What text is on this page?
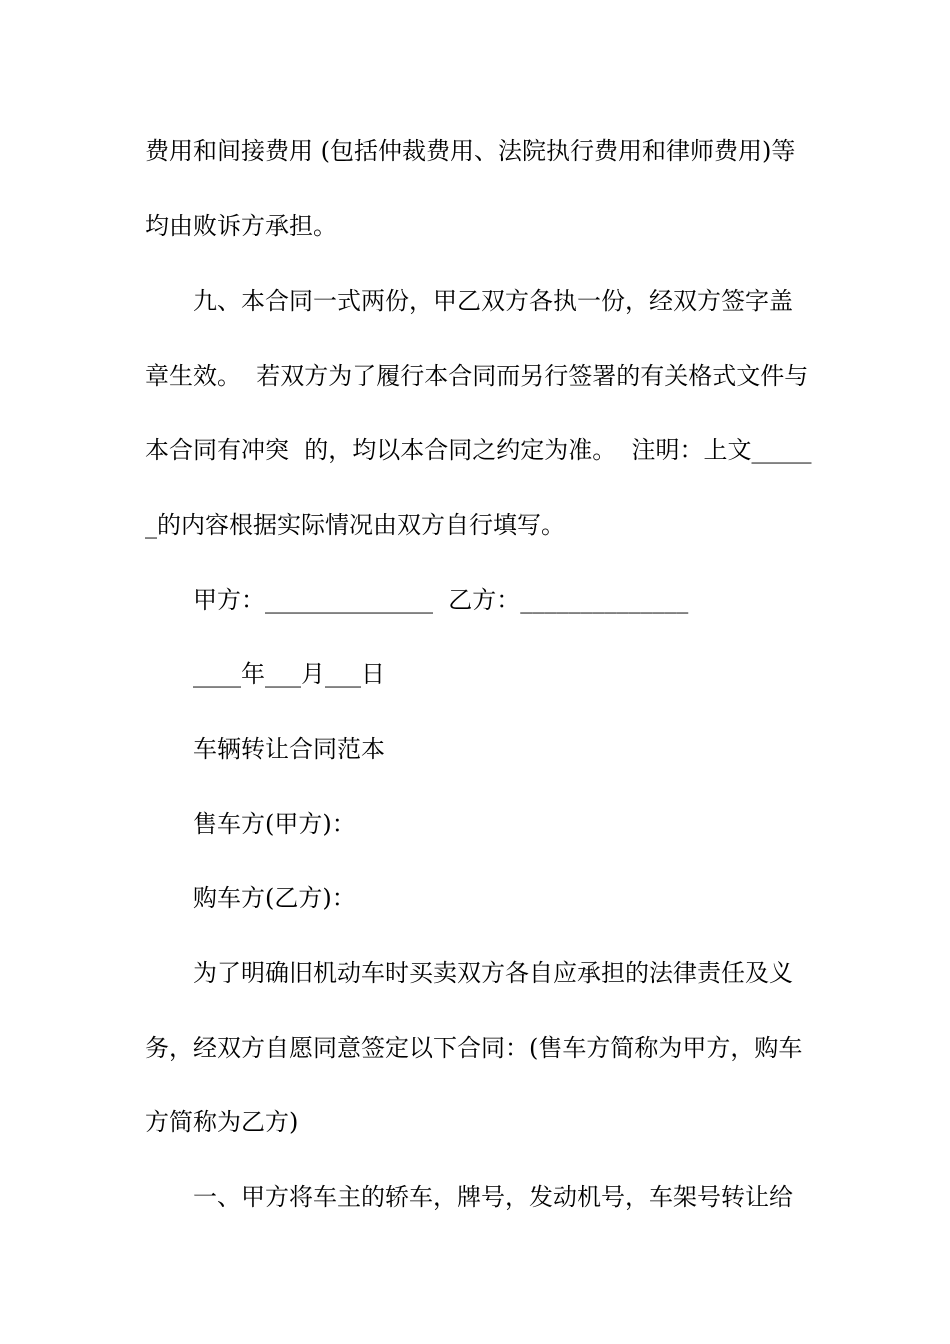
费用和间接费用 (包括仲裁费用、法院执行费用和律师费用)等

均由败诉方承担。

九、本合同一式两份，甲乙双方各执一份，经双方签字盖

章生效。  若双方为了履行本合同而另行签署的有关格式文件与

本合同有冲突  的，均以本合同之约定为准。  注明：上文_____

_的内容根据实际情况由双方自行填写。

甲方：______________  乙方：______________

____年___月___日

车辆转让合同范本

售车方(甲方)：

购车方(乙方)：

为了明确旧机动车时买卖双方各自应承担的法律责任及义

务，经双方自愿同意签定以下合同：(售车方简称为甲方，购车

方简称为乙方)

一、甲方将车主的轿车，牌号，发动机号，车架号转让给
